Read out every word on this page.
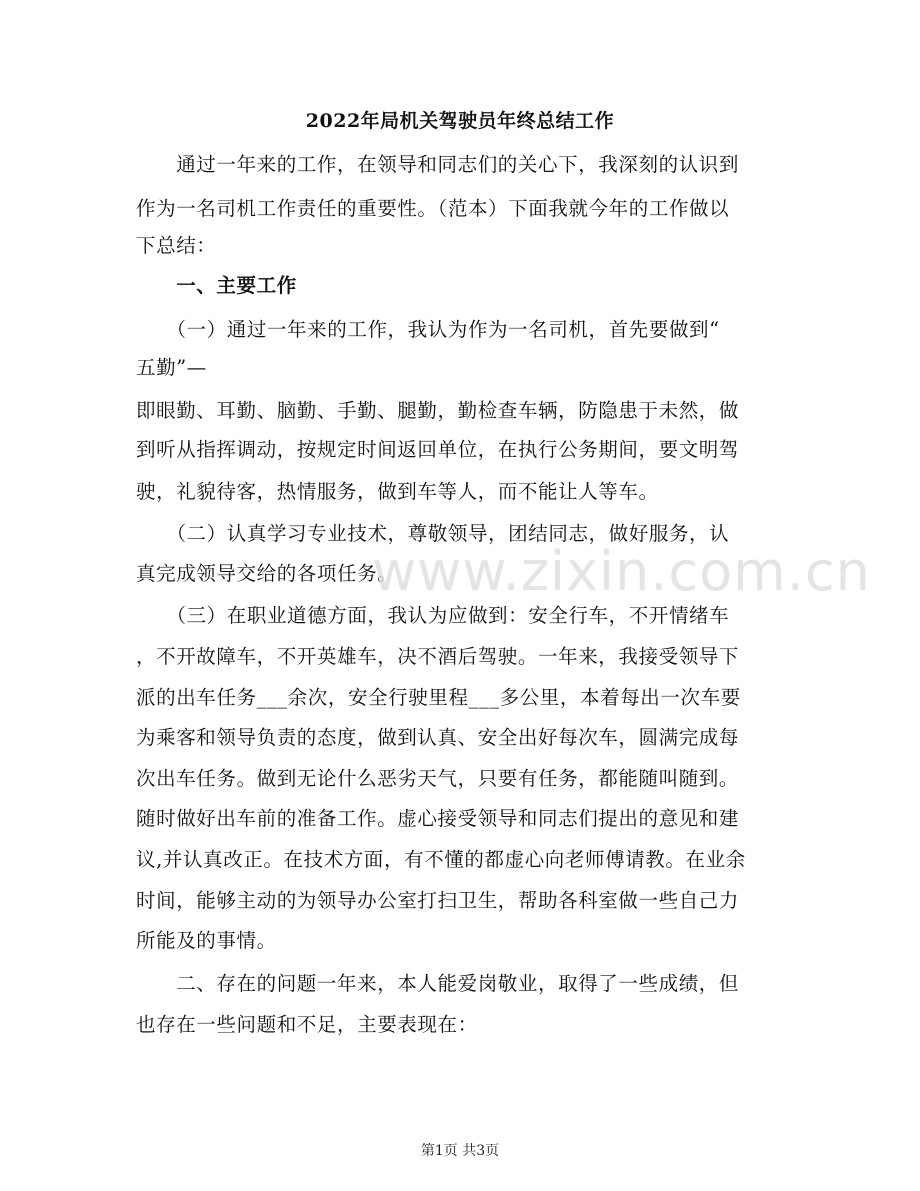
2022年局机关驾驶员年终总结工作
　　通过一年来的工作，在领导和同志们的关心下，我深刻的认识到
作为一名司机工作责任的重要性。（范本）下面我就今年的工作做以
下总结：
　　一、主要工作
　　（一）通过一年来的工作，我认为作为一名司机，首先要做到“
五勤”—
即眼勤、耳勤、脑勤、手勤、腿勤，勤检查车辆，防隐患于未然，做
到听从指挥调动，按规定时间返回单位，在执行公务期间，要文明驾
驶，礼貌待客，热情服务，做到车等人，而不能让人等车。
　　（二）认真学习专业技术，尊敬领导，团结同志，做好服务，认
真完成领导交给的各项任务。
　　（三）在职业道德方面，我认为应做到：安全行车，不开情绪车
，不开故障车，不开英雄车，决不酒后驾驶。一年来，我接受领导下
派的出车任务___余次，安全行驶里程___多公里，本着每出一次车要
为乘客和领导负责的态度，做到认真、安全出好每次车，圆满完成每
次出车任务。做到无论什么恶劣天气，只要有任务，都能随叫随到。
随时做好出车前的准备工作。虚心接受领导和同志们提出的意见和建
议,并认真改正。在技术方面，有不懂的都虚心向老师傅请教。在业余
时间，能够主动的为领导办公室打扫卫生，帮助各科室做一些自己力
所能及的事情。
　　二、存在的问题一年来，本人能爱岗敬业，取得了一些成绩，但
也存在一些问题和不足，主要表现在：
www.zixin.com.cn
第1页 共3页
